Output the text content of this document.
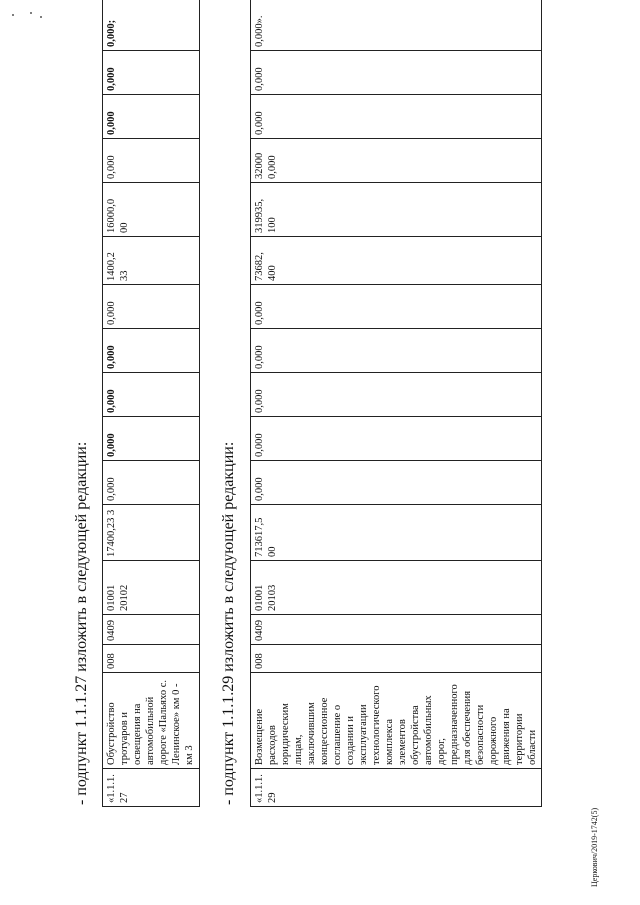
- подпункт 1.1.1.27 изложить в следующей редакции: «1.1.1.27	Обустройство тротуаров и освещения на автомобильной дороге «Пальяхо с. Ленинское» км 0 - км 3	008	0409	01001 20102	17400,23 3	0,000	0,000	0,000	0,000	0,000	1400,2 33	16000,0 00	0,000	0,000	0,000	0,000;
- подпункт 1.1.1.29 изложить в следующей редакции: «1.1.1.29	Возмещение расходов юридическим лицам, заключившим концессионное соглашение о создании и эксплуатации технологического комплекса элементов обустройства автомобильных дорог, предназначенного для обеспечения безопасности дорожного движения на территории области	008	0409	01001 20103	713617,5 00	0,000	0,000	0,000	0,000	0,000	73682, 400	319935, 100	32000 0,000	0,000	0,000	0,000».
Церкович/2019-1742(5)
